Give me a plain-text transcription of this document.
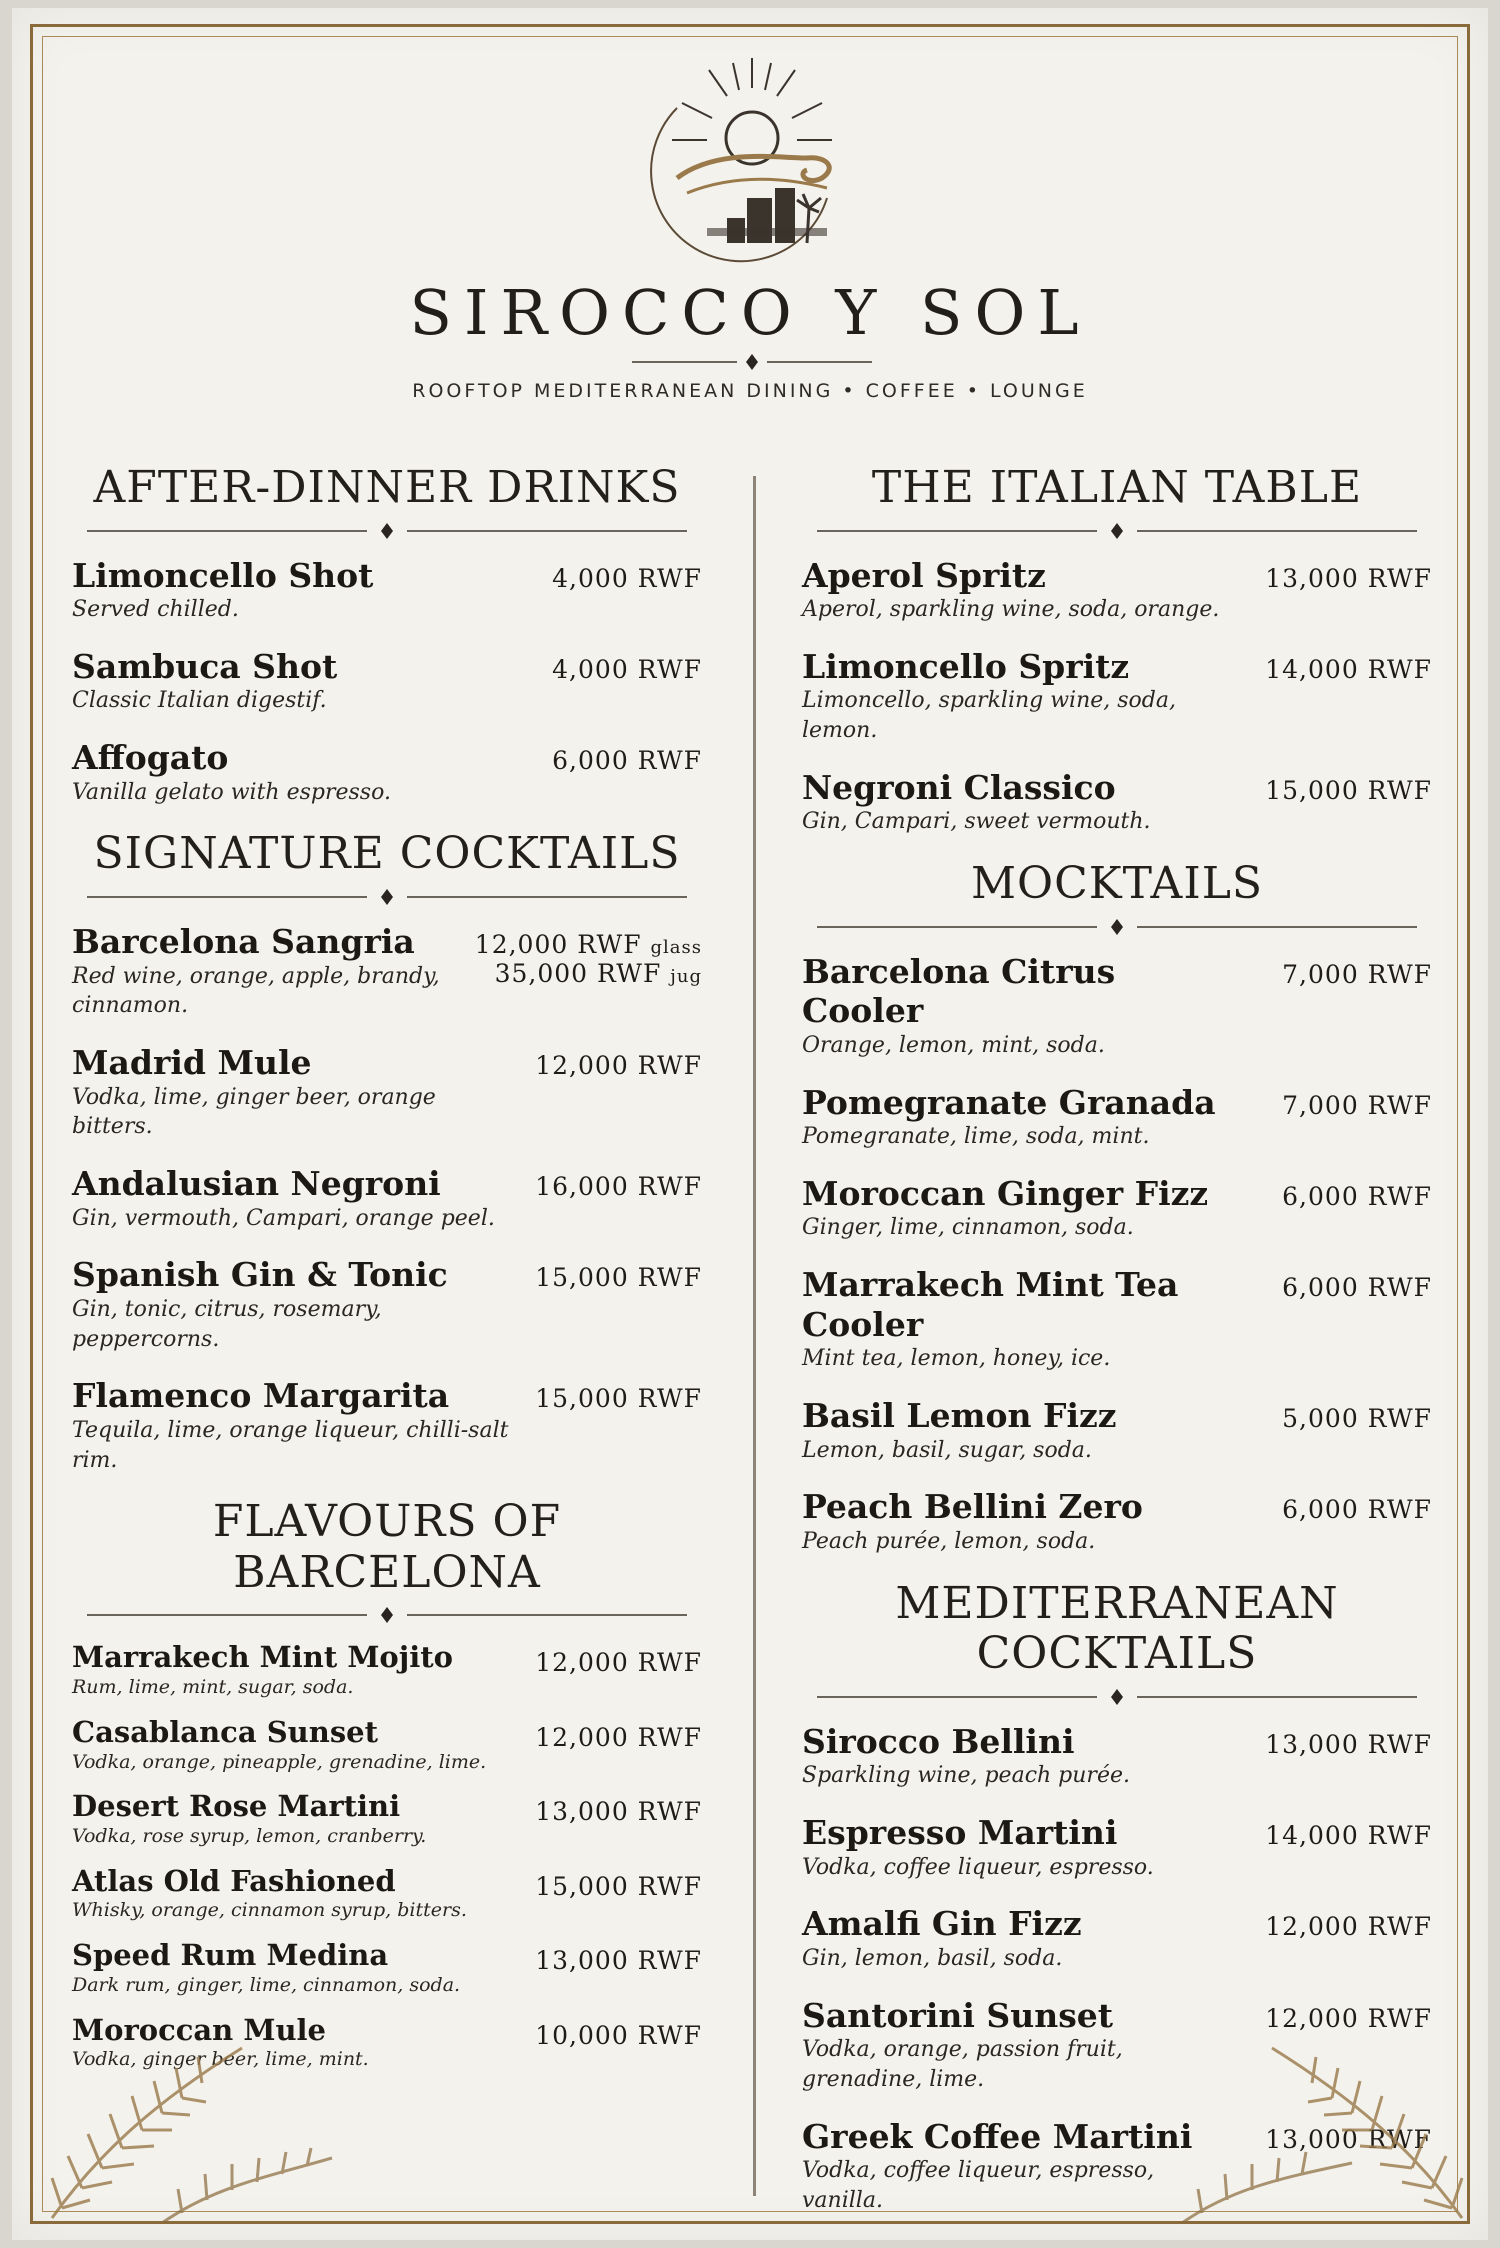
SIROCCO Y SOL
ROOFTOP MEDITERRANEAN DINING • COFFEE • LOUNGE
AFTER-DINNER DRINKS
Limoncello Shot
Served chilled.
4,000 RWF
Sambuca Shot
Classic Italian digestif.
4,000 RWF
Affogato
Vanilla gelato with espresso.
6,000 RWF
SIGNATURE COCKTAILS
Barcelona Sangria
Red wine, orange, apple, brandy, cinnamon.
12,000 RWF glass
35,000 RWF jug
Madrid Mule
Vodka, lime, ginger beer, orange bitters.
12,000 RWF
Andalusian Negroni
Gin, vermouth, Campari, orange peel.
16,000 RWF
Spanish Gin & Tonic
Gin, tonic, citrus, rosemary, peppercorns.
15,000 RWF
Flamenco Margarita
Tequila, lime, orange liqueur, chilli-salt rim.
15,000 RWF
FLAVOURS OF BARCELONA
Marrakech Mint Mojito
Rum, lime, mint, sugar, soda.
12,000 RWF
Casablanca Sunset
Vodka, orange, pineapple, grenadine, lime.
12,000 RWF
Desert Rose Martini
Vodka, rose syrup, lemon, cranberry.
13,000 RWF
Atlas Old Fashioned
Whisky, orange, cinnamon syrup, bitters.
15,000 RWF
Speed Rum Medina
Dark rum, ginger, lime, cinnamon, soda.
13,000 RWF
Moroccan Mule
Vodka, ginger beer, lime, mint.
10,000 RWF
THE ITALIAN TABLE
Aperol Spritz
Aperol, sparkling wine, soda, orange.
13,000 RWF
Limoncello Spritz
Limoncello, sparkling wine, soda, lemon.
14,000 RWF
Negroni Classico
Gin, Campari, sweet vermouth.
15,000 RWF
MOCKTAILS
Barcelona Citrus Cooler
Orange, lemon, mint, soda.
7,000 RWF
Pomegranate Granada
Pomegranate, lime, soda, mint.
7,000 RWF
Moroccan Ginger Fizz
Ginger, lime, cinnamon, soda.
6,000 RWF
Marrakech Mint Tea Cooler
Mint tea, lemon, honey, ice.
6,000 RWF
Basil Lemon Fizz
Lemon, basil, sugar, soda.
5,000 RWF
Peach Bellini Zero
Peach purée, lemon, soda.
6,000 RWF
MEDITERRANEAN COCKTAILS
Sirocco Bellini
Sparkling wine, peach purée.
13,000 RWF
Espresso Martini
Vodka, coffee liqueur, espresso.
14,000 RWF
Amalfi Gin Fizz
Gin, lemon, basil, soda.
12,000 RWF
Santorini Sunset
Vodka, orange, passion fruit, grenadine, lime.
12,000 RWF
Greek Coffee Martini
Vodka, coffee liqueur, espresso, vanilla.
13,000 RWF
